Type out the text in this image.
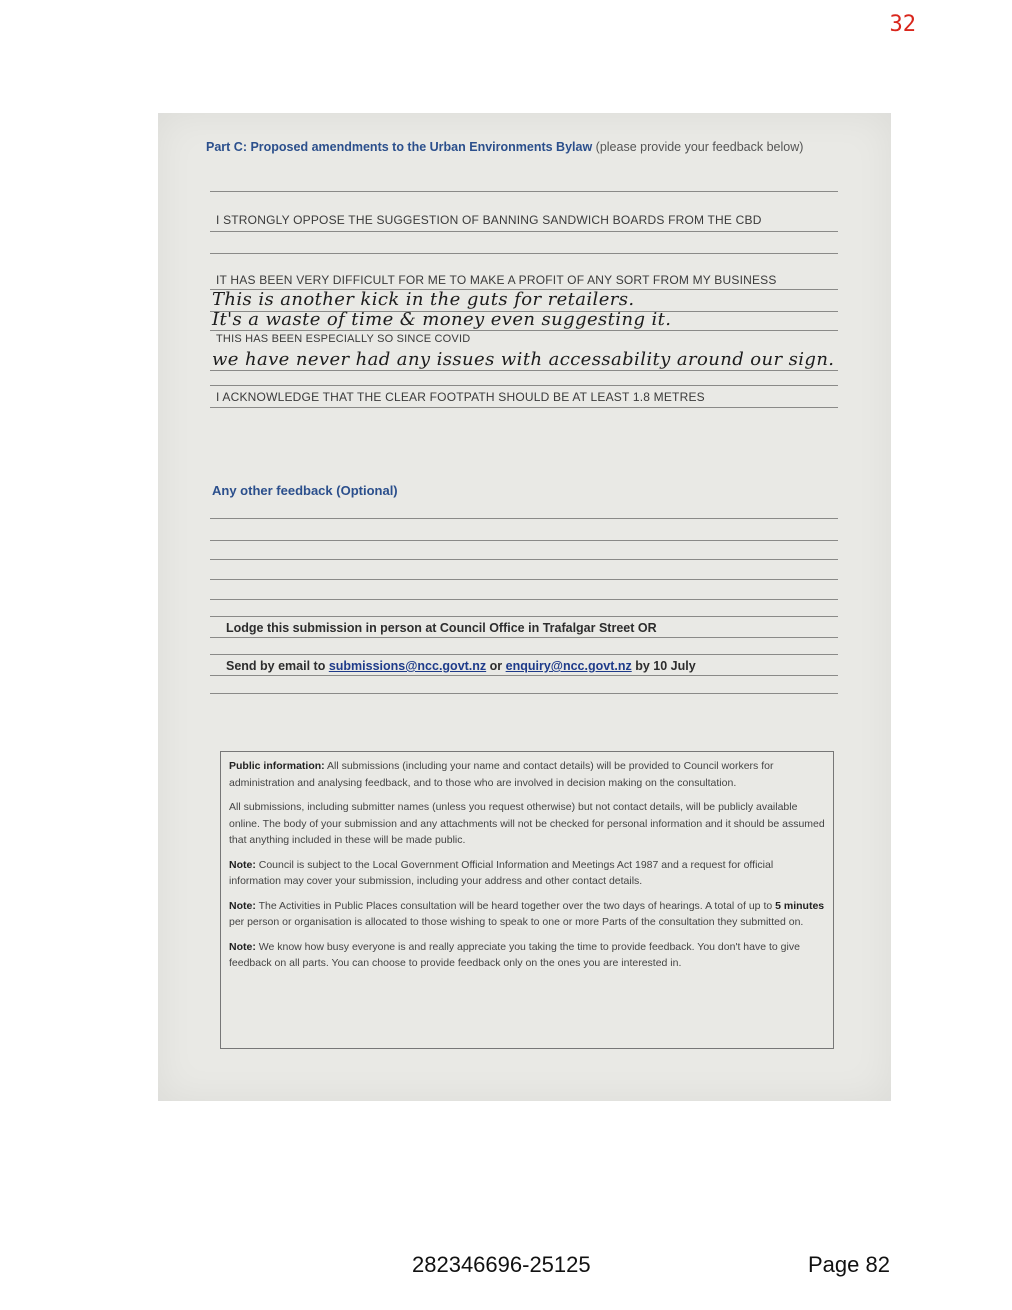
32
Part C: Proposed amendments to the Urban Environments Bylaw (please provide your feedback below)
I STRONGLY OPPOSE THE SUGGESTION OF BANNING SANDWICH BOARDS FROM THE CBD
IT HAS BEEN VERY DIFFICULT FOR ME TO MAKE A PROFIT OF ANY SORT FROM MY BUSINESS
This is another kick in the guts for retailers.
It's a waste of time & money even suggesting it.
THIS HAS BEEN ESPECIALLY SO SINCE COVID
we have never had any issues with accessability around our sign.
I ACKNOWLEDGE THAT THE CLEAR FOOTPATH SHOULD BE AT LEAST 1.8 METRES
Any other feedback (Optional)
Lodge this submission in person at Council Office in Trafalgar Street OR
Send by email to submissions@ncc.govt.nz or enquiry@ncc.govt.nz by 10 July

Public information: All submissions (including your name and contact details) will be provided to Council workers for administration and analysing feedback, and to those who are involved in decision making on the consultation.

All submissions, including submitter names (unless you request otherwise) but not contact details, will be publicly available online. The body of your submission and any attachments will not be checked for personal information and it should be assumed that anything included in these will be made public.

Note: Council is subject to the Local Government Official Information and Meetings Act 1987 and a request for official information may cover your submission, including your address and other contact details.

Note: The Activities in Public Places consultation will be heard together over the two days of hearings. A total of up to 5 minutes per person or organisation is allocated to those wishing to speak to one or more Parts of the consultation they submitted on.

Note: We know how busy everyone is and really appreciate you taking the time to provide feedback. You don't have to give feedback on all parts. You can choose to provide feedback only on the ones you are interested in.

282346696-25125	Page 82
